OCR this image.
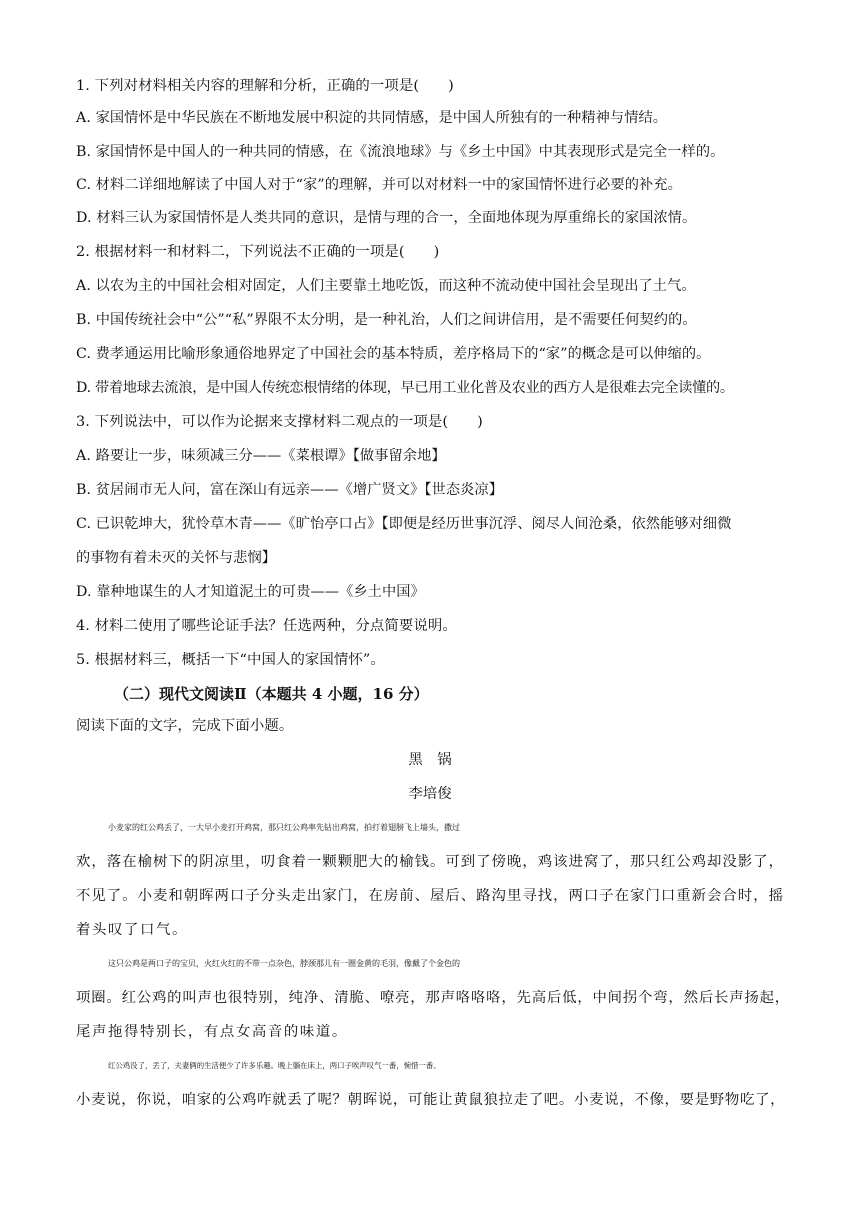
1. 下列对材料相关内容的理解和分析，正确的一项是(　　)
A. 家国情怀是中华民族在不断地发展中积淀的共同情感，是中国人所独有的一种精神与情结。
B. 家国情怀是中国人的一种共同的情感，在《流浪地球》与《乡土中国》中其表现形式是完全一样的。
C. 材料二详细地解读了中国人对于“家”的理解，并可以对材料一中的家国情怀进行必要的补充。
D. 材料三认为家国情怀是人类共同的意识，是情与理的合一，全面地体现为厚重绵长的家国浓情。
2. 根据材料一和材料二，下列说法不正确的一项是(　　)
A. 以农为主的中国社会相对固定，人们主要靠土地吃饭，而这种不流动使中国社会呈现出了土气。
B. 中国传统社会中“公”“私”界限不太分明，是一种礼治，人们之间讲信用，是不需要任何契约的。
C. 费孝通运用比喻形象通俗地界定了中国社会的基本特质，差序格局下的“家”的概念是可以伸缩的。
D. 带着地球去流浪，是中国人传统恋根情绪的体现，早已用工业化普及农业的西方人是很难去完全读懂的。
3. 下列说法中，可以作为论据来支撑材料二观点的一项是(　　)
A. 路要让一步，味须减三分——《菜根谭》【做事留余地】
B. 贫居闹市无人问，富在深山有远亲——《增广贤文》【世态炎凉】
C. 已识乾坤大，犹怜草木青——《旷怡亭口占》【即便是经历世事沉浮、阅尽人间沧桑，依然能够对细微
的事物有着未灭的关怀与悲悯】
D. 靠种地谋生的人才知道泥土的可贵——《乡土中国》
4. 材料二使用了哪些论证手法？任选两种，分点简要说明。
5. 根据材料三，概括一下“中国人的家国情怀”。
（二）现代文阅读Ⅱ（本题共 4 小题，16 分）
阅读下面的文字，完成下面小题。
黑　锅
李培俊
小麦家的红公鸡丢了，一大早小麦打开鸡窝，那只红公鸡率先钻出鸡窝，拍打着翅膀飞上墙头，撒过
欢，落在榆树下的阴凉里，叨食着一颗颗肥大的榆钱。可到了傍晚，鸡该进窝了，那只红公鸡却没影了，
不见了。小麦和朝晖两口子分头走出家门，在房前、屋后、路沟里寻找，两口子在家门口重新会合时，摇
着头叹了口气。
这只公鸡是两口子的宝贝，火红火红的不带一点杂色，脖颈那儿有一圈金黄的毛羽，像戴了个金色的
项圈。红公鸡的叫声也很特别，纯净、清脆、嘹亮，那声咯咯咯，先高后低，中间拐个弯，然后长声扬起，
尾声拖得特别长，有点女高音的味道。
红公鸡没了，丢了，夫妻俩的生活便少了许多乐趣。晚上躺在床上，两口子唉声叹气一番，惋惜一番。
小麦说，你说，咱家的公鸡咋就丢了呢？朝晖说，可能让黄鼠狼拉走了吧。小麦说，不像，要是野物吃了，
